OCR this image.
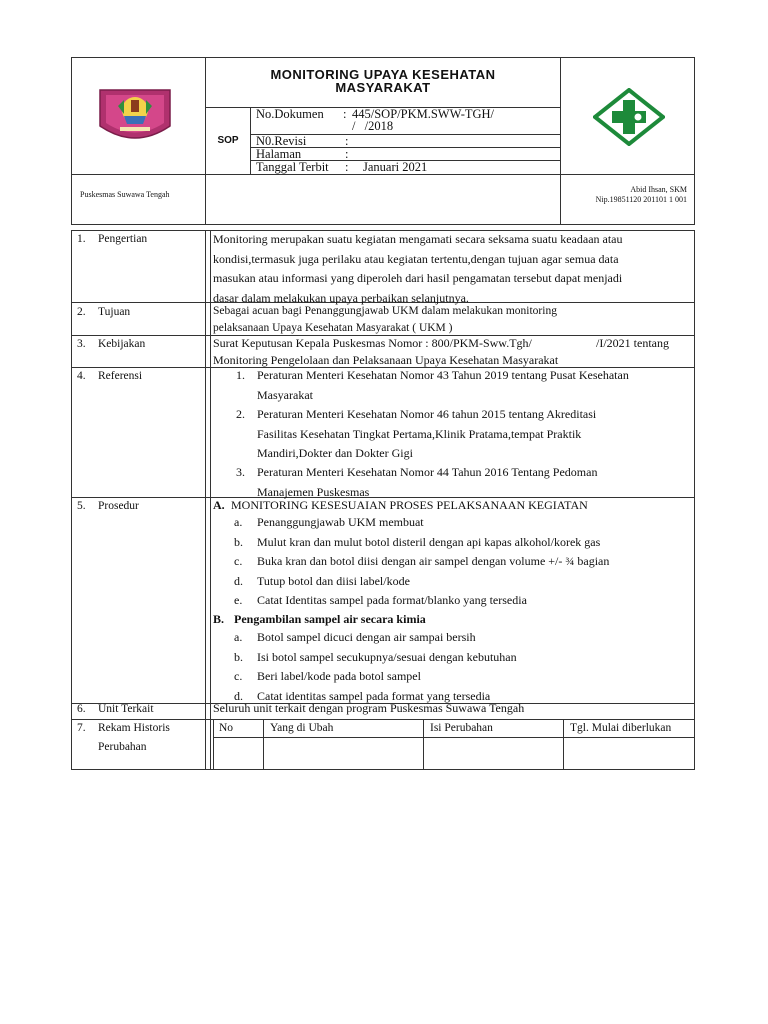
MONITORING UPAYA KESEHATAN
MASYARAKAT
SOP
No.Dokumen : 445/SOP/PKM.SWW-TGH/
/ /2018
N0.Revisi	:
Halaman	:
Tanggal Terbit : Januari 2021
Puskesmas Suwawa Tengah
Abid Ihsan, SKM
Nip.19851120 201101 1 001
1. Pengertian	Monitoring merupakan suatu kegiatan mengamati secara seksama suatu keadaan atau
kondisi,termasuk juga perilaku atau kegiatan tertentu,dengan tujuan agar semua data
masukan atau informasi yang diperoleh dari hasil pengamatan tersebut dapat menjadi
dasar dalam melakukan upaya perbaikan selanjutnya.
2. Tujuan	Sebagai acuan bagi Penanggungjawab UKM dalam melakukan monitoring
pelaksanaan Upaya Kesehatan Masyarakat ( UKM )
3. Kebijakan	Surat Keputusan Kepala Puskesmas Nomor : 800/PKM-Sww.Tgh/	/I/2021 tentang
Monitoring Pengelolaan dan Pelaksanaan Upaya Kesehatan Masyarakat
4. Referensi	1. Peraturan Menteri Kesehatan Nomor 43 Tahun 2019 tentang Pusat Kesehatan
Masyarakat
2. Peraturan Menteri Kesehatan Nomor 46 tahun 2015 tentang Akreditasi
Fasilitas Kesehatan Tingkat Pertama,Klinik Pratama,tempat Praktik
Mandiri,Dokter dan Dokter Gigi
3. Peraturan Menteri Kesehatan Nomor 44 Tahun 2016 Tentang Pedoman
Manajemen Puskesmas
5. Prosedur	A. MONITORING KESESUAIAN PROSES PELAKSANAAN KEGIATAN
a. Penanggungjawab UKM membuat
b. Mulut kran dan mulut botol disteril dengan api kapas alkohol/korek gas
c. Buka kran dan botol diisi dengan air sampel dengan volume +/- ¾ bagian
d. Tutup botol dan diisi label/kode
e. Catat Identitas sampel pada format/blanko yang tersedia
B. Pengambilan sampel air secara kimia
a. Botol sampel dicuci dengan air sampai bersih
b. Isi botol sampel secukupnya/sesuai dengan kebutuhan
c. Beri label/kode pada botol sampel
d. Catat identitas sampel pada format yang tersedia
6. Unit Terkait	Seluruh unit terkait dengan program Puskesmas Suwawa Tengah
7. Rekam Historis
Perubahan
No	Yang di Ubah	Isi Perubahan	Tgl. Mulai diberlukan
